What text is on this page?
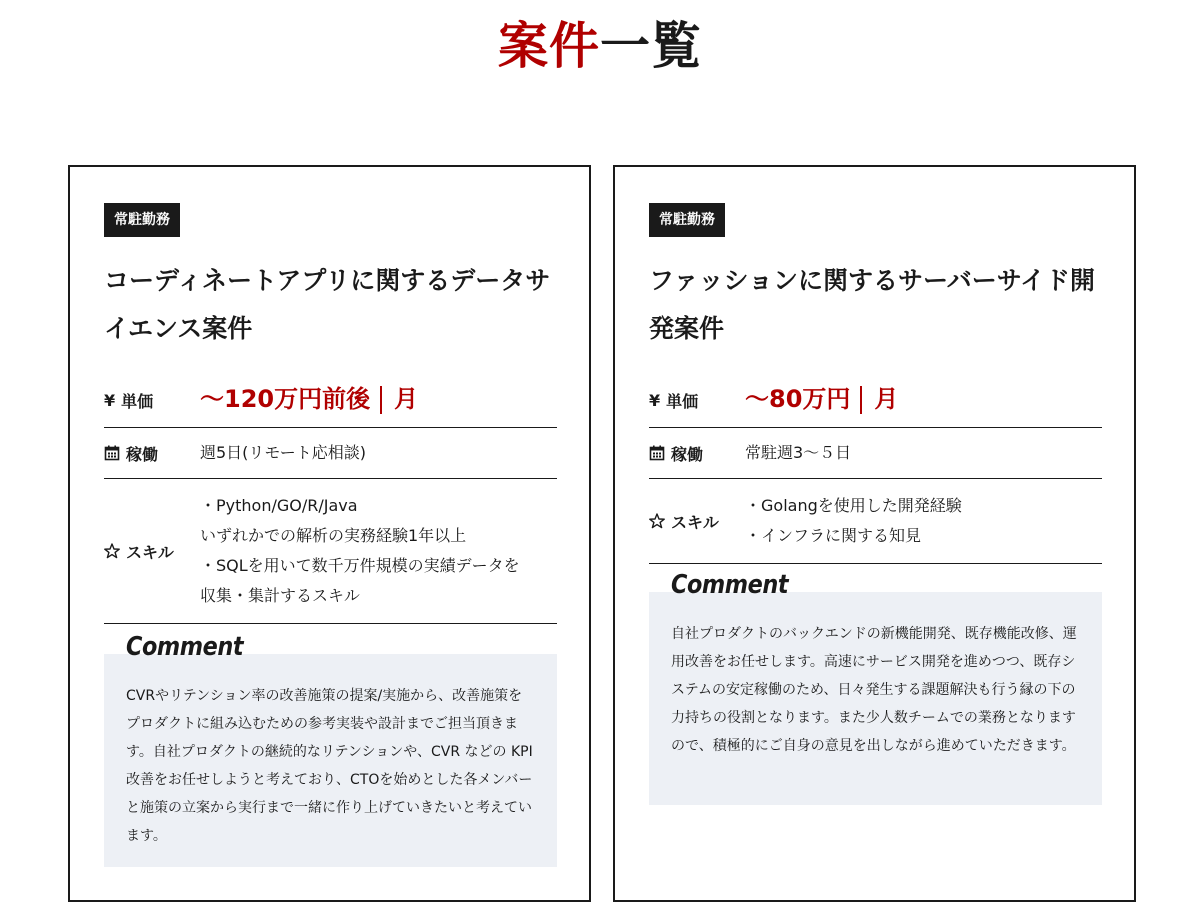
案件一覧
常駐勤務
コーディネートアプリに関するデータサイエンス案件
¥ 単価 〜120万円前後 月
稼働	週5日(リモート応相談)
スキル
・Python/GO/R/Java
いずれかでの解析の実務経験1年以上
・SQLを用いて数千万件規模の実績データを
収集・集計するスキル
Comment

CVRやリテンション率の改善施策の提案/実施から、改善施策をプロダクトに組み込むための参考実装や設計までご担当頂きます。自社プロダクトの継続的なリテンションや、CVR などの KPI 改善をお任せしようと考えており、CTOを始めとした各メンバーと施策の立案から実行まで一緒に作り上げていきたいと考えています。

常駐勤務
ファッションに関するサーバーサイド開発案件
¥ 単価 〜80万円 月
稼働	常駐週3〜５日
スキル
・Golangを使用した開発経験
・インフラに関する知見
Comment

自社プロダクトのバックエンドの新機能開発、既存機能改修、運用改善をお任せします。高速にサービス開発を進めつつ、既存システムの安定稼働のため、日々発生する課題解決も行う縁の下の力持ちの役割となります。また少人数チームでの業務となりますので、積極的にご自身の意見を出しながら進めていただきます。
